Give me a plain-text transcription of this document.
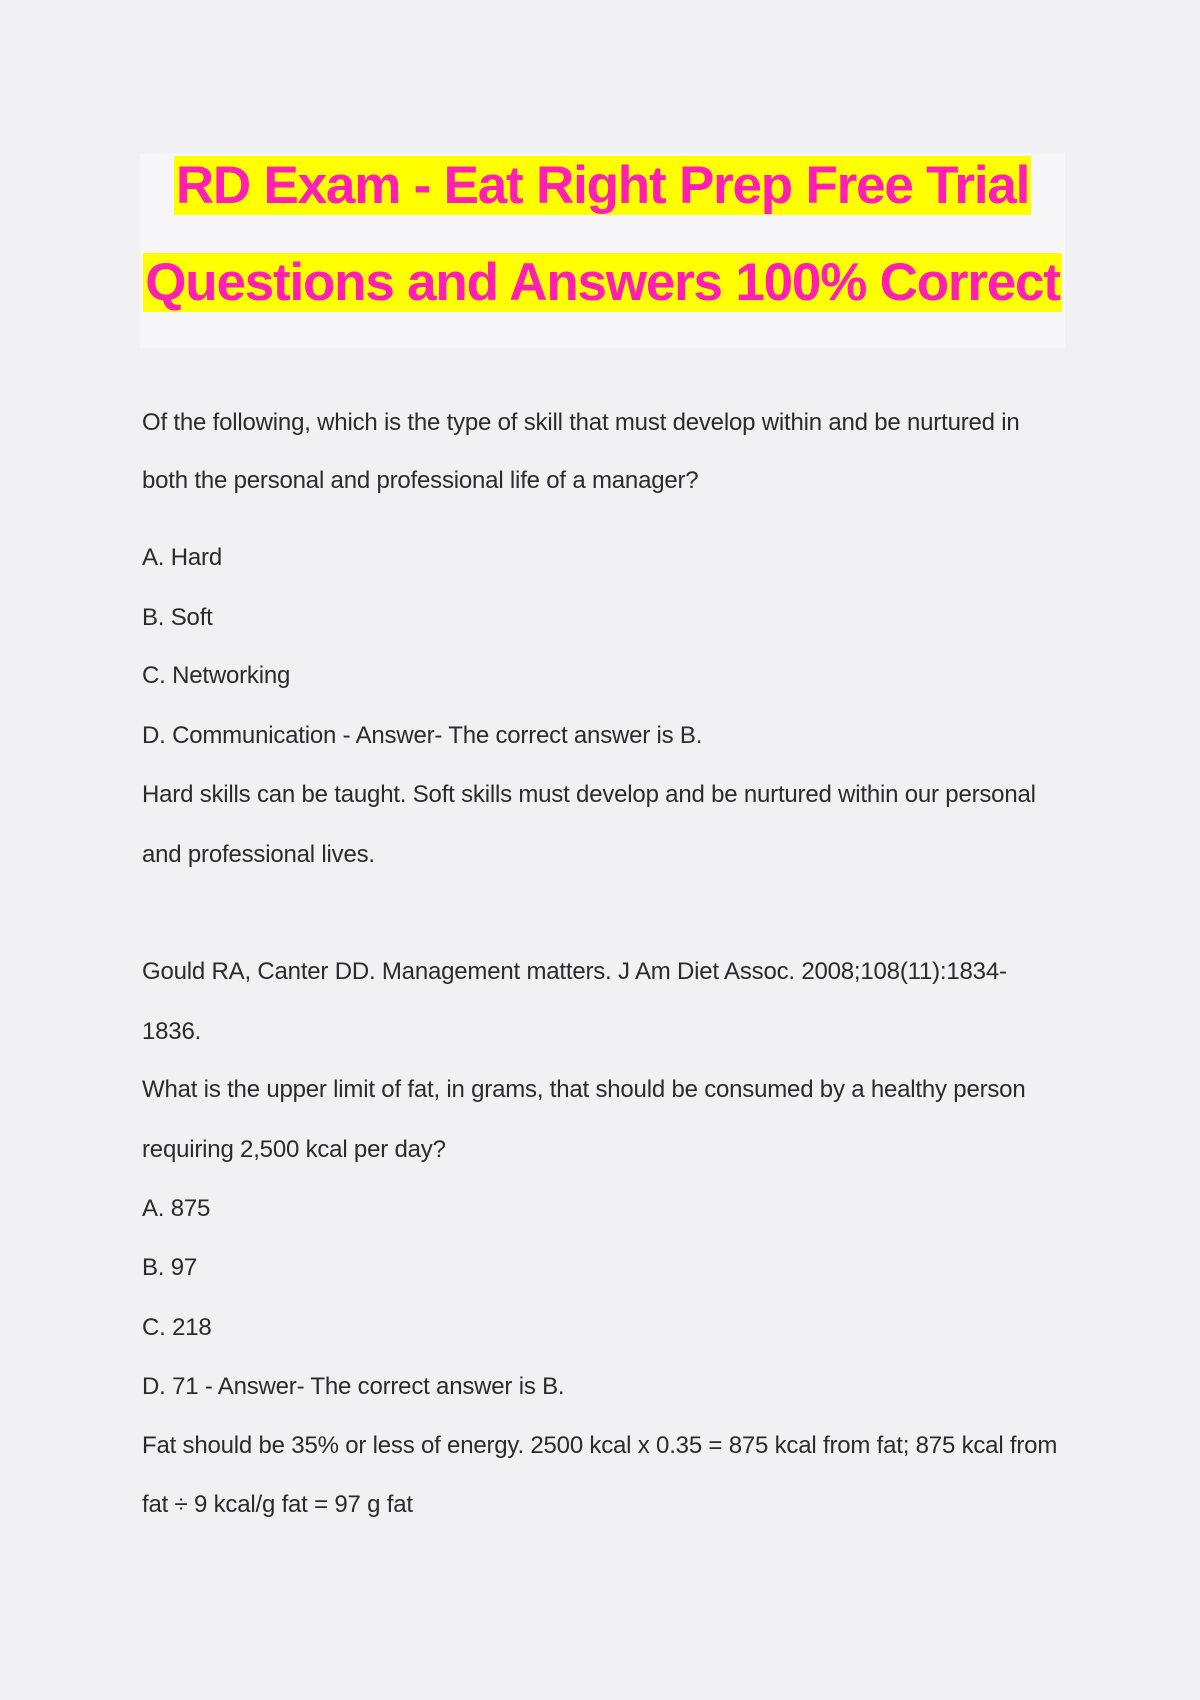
RD Exam - Eat Right Prep Free Trial
Questions and Answers 100% Correct
Of the following, which is the type of skill that must develop within and be nurtured in
both the personal and professional life of a manager?
A. Hard
B. Soft
C. Networking
D. Communication - Answer- The correct answer is B.
Hard skills can be taught. Soft skills must develop and be nurtured within our personal
and professional lives.
Gould RA, Canter DD. Management matters. J Am Diet Assoc. 2008;108(11):1834-
1836.
What is the upper limit of fat, in grams, that should be consumed by a healthy person
requiring 2,500 kcal per day?
A. 875
B. 97
C. 218
D. 71 - Answer- The correct answer is B.
Fat should be 35% or less of energy. 2500 kcal x 0.35 = 875 kcal from fat; 875 kcal from
fat ÷ 9 kcal/g fat = 97 g fat
